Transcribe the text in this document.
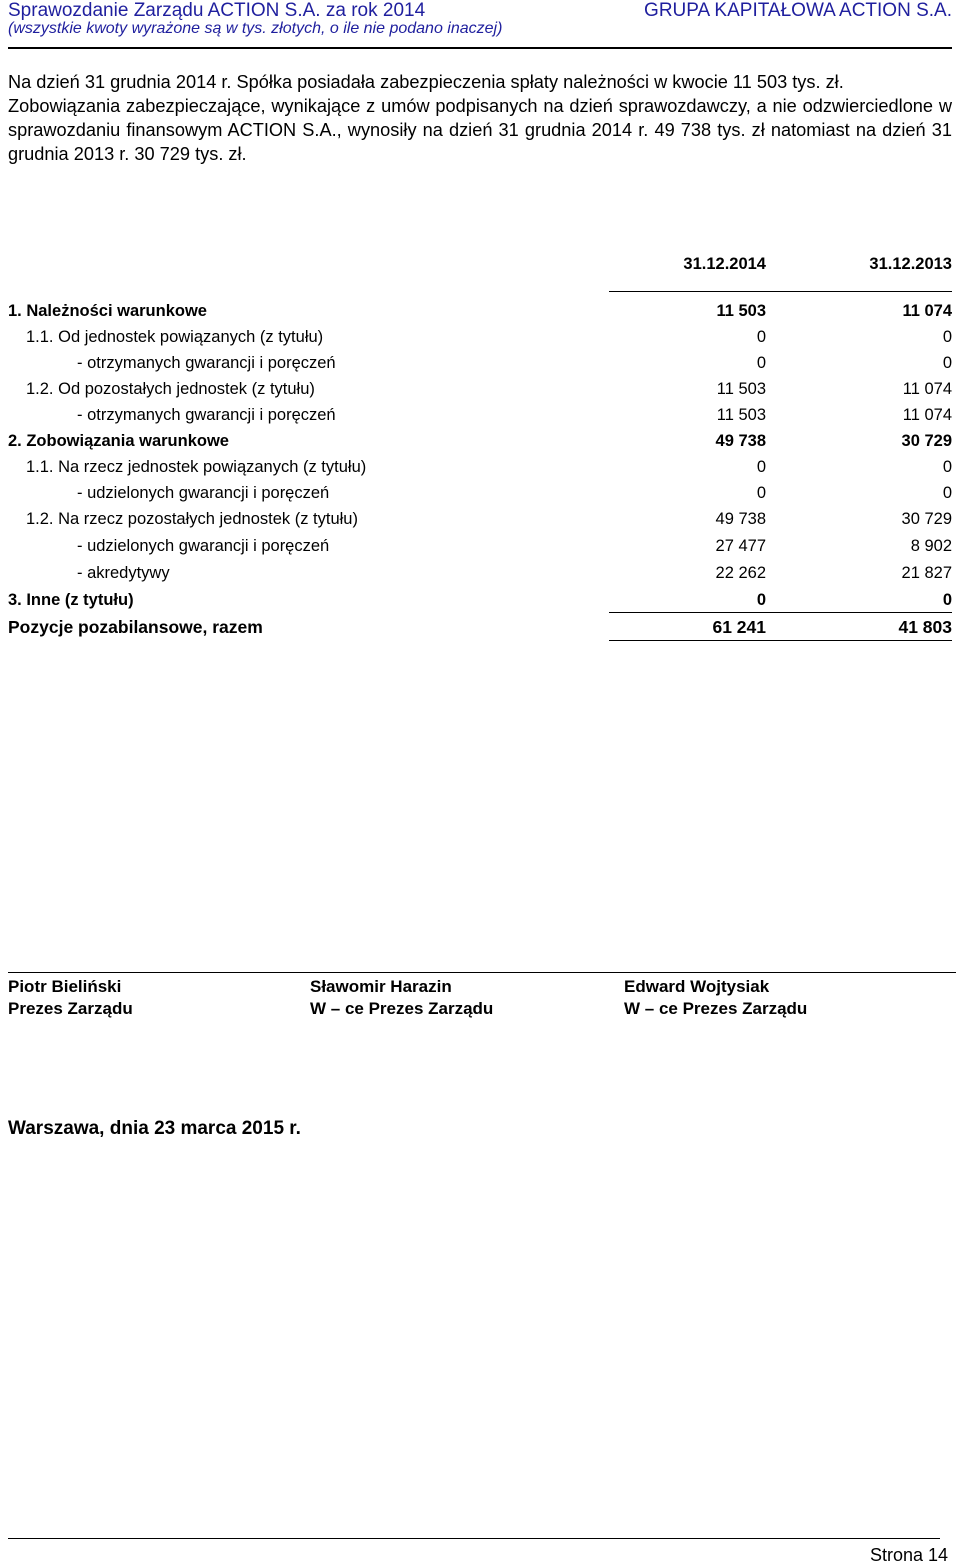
Sprawozdanie Zarządu ACTION S.A. za rok 2014	GRUPA KAPITAŁOWA ACTION S.A.
(wszystkie kwoty wyrażone są w tys. złotych, o ile nie podano inaczej)

Na dzień 31 grudnia 2014 r. Spółka posiadała zabezpieczenia spłaty należności w kwocie 11 503 tys. zł.

Zobowiązania zabezpieczające, wynikające z umów podpisanych na dzień sprawozdawczy, a nie odzwierciedlone w sprawozdaniu finansowym ACTION S.A., wynosiły na dzień 31 grudnia 2014 r. 49 738 tys. zł natomiast na dzień 31 grudnia 2013 r. 30 729 tys. zł.

31.12.2014	31.12.2013
1. Należności warunkowe	11 503	11 074
1.1. Od jednostek powiązanych (z tytułu)	0	0
- otrzymanych gwarancji i poręczeń	0	0
1.2. Od pozostałych jednostek (z tytułu)	11 503	11 074
- otrzymanych gwarancji i poręczeń	11 503	11 074
2. Zobowiązania warunkowe	49 738	30 729
1.1. Na rzecz jednostek powiązanych (z tytułu)	0	0
- udzielonych gwarancji i poręczeń	0	0
1.2. Na rzecz pozostałych jednostek (z tytułu)	49 738	30 729
- udzielonych gwarancji i poręczeń	27 477	8 902
- akredytywy	22 262	21 827
3. Inne (z tytułu)	0	0
Pozycje pozabilansowe, razem	61 241	41 803
Piotr Bieliński
Prezes Zarządu
Sławomir Harazin
W – ce Prezes Zarządu
Edward Wojtysiak
W – ce Prezes Zarządu
Warszawa, dnia 23 marca 2015 r.
Strona 14
